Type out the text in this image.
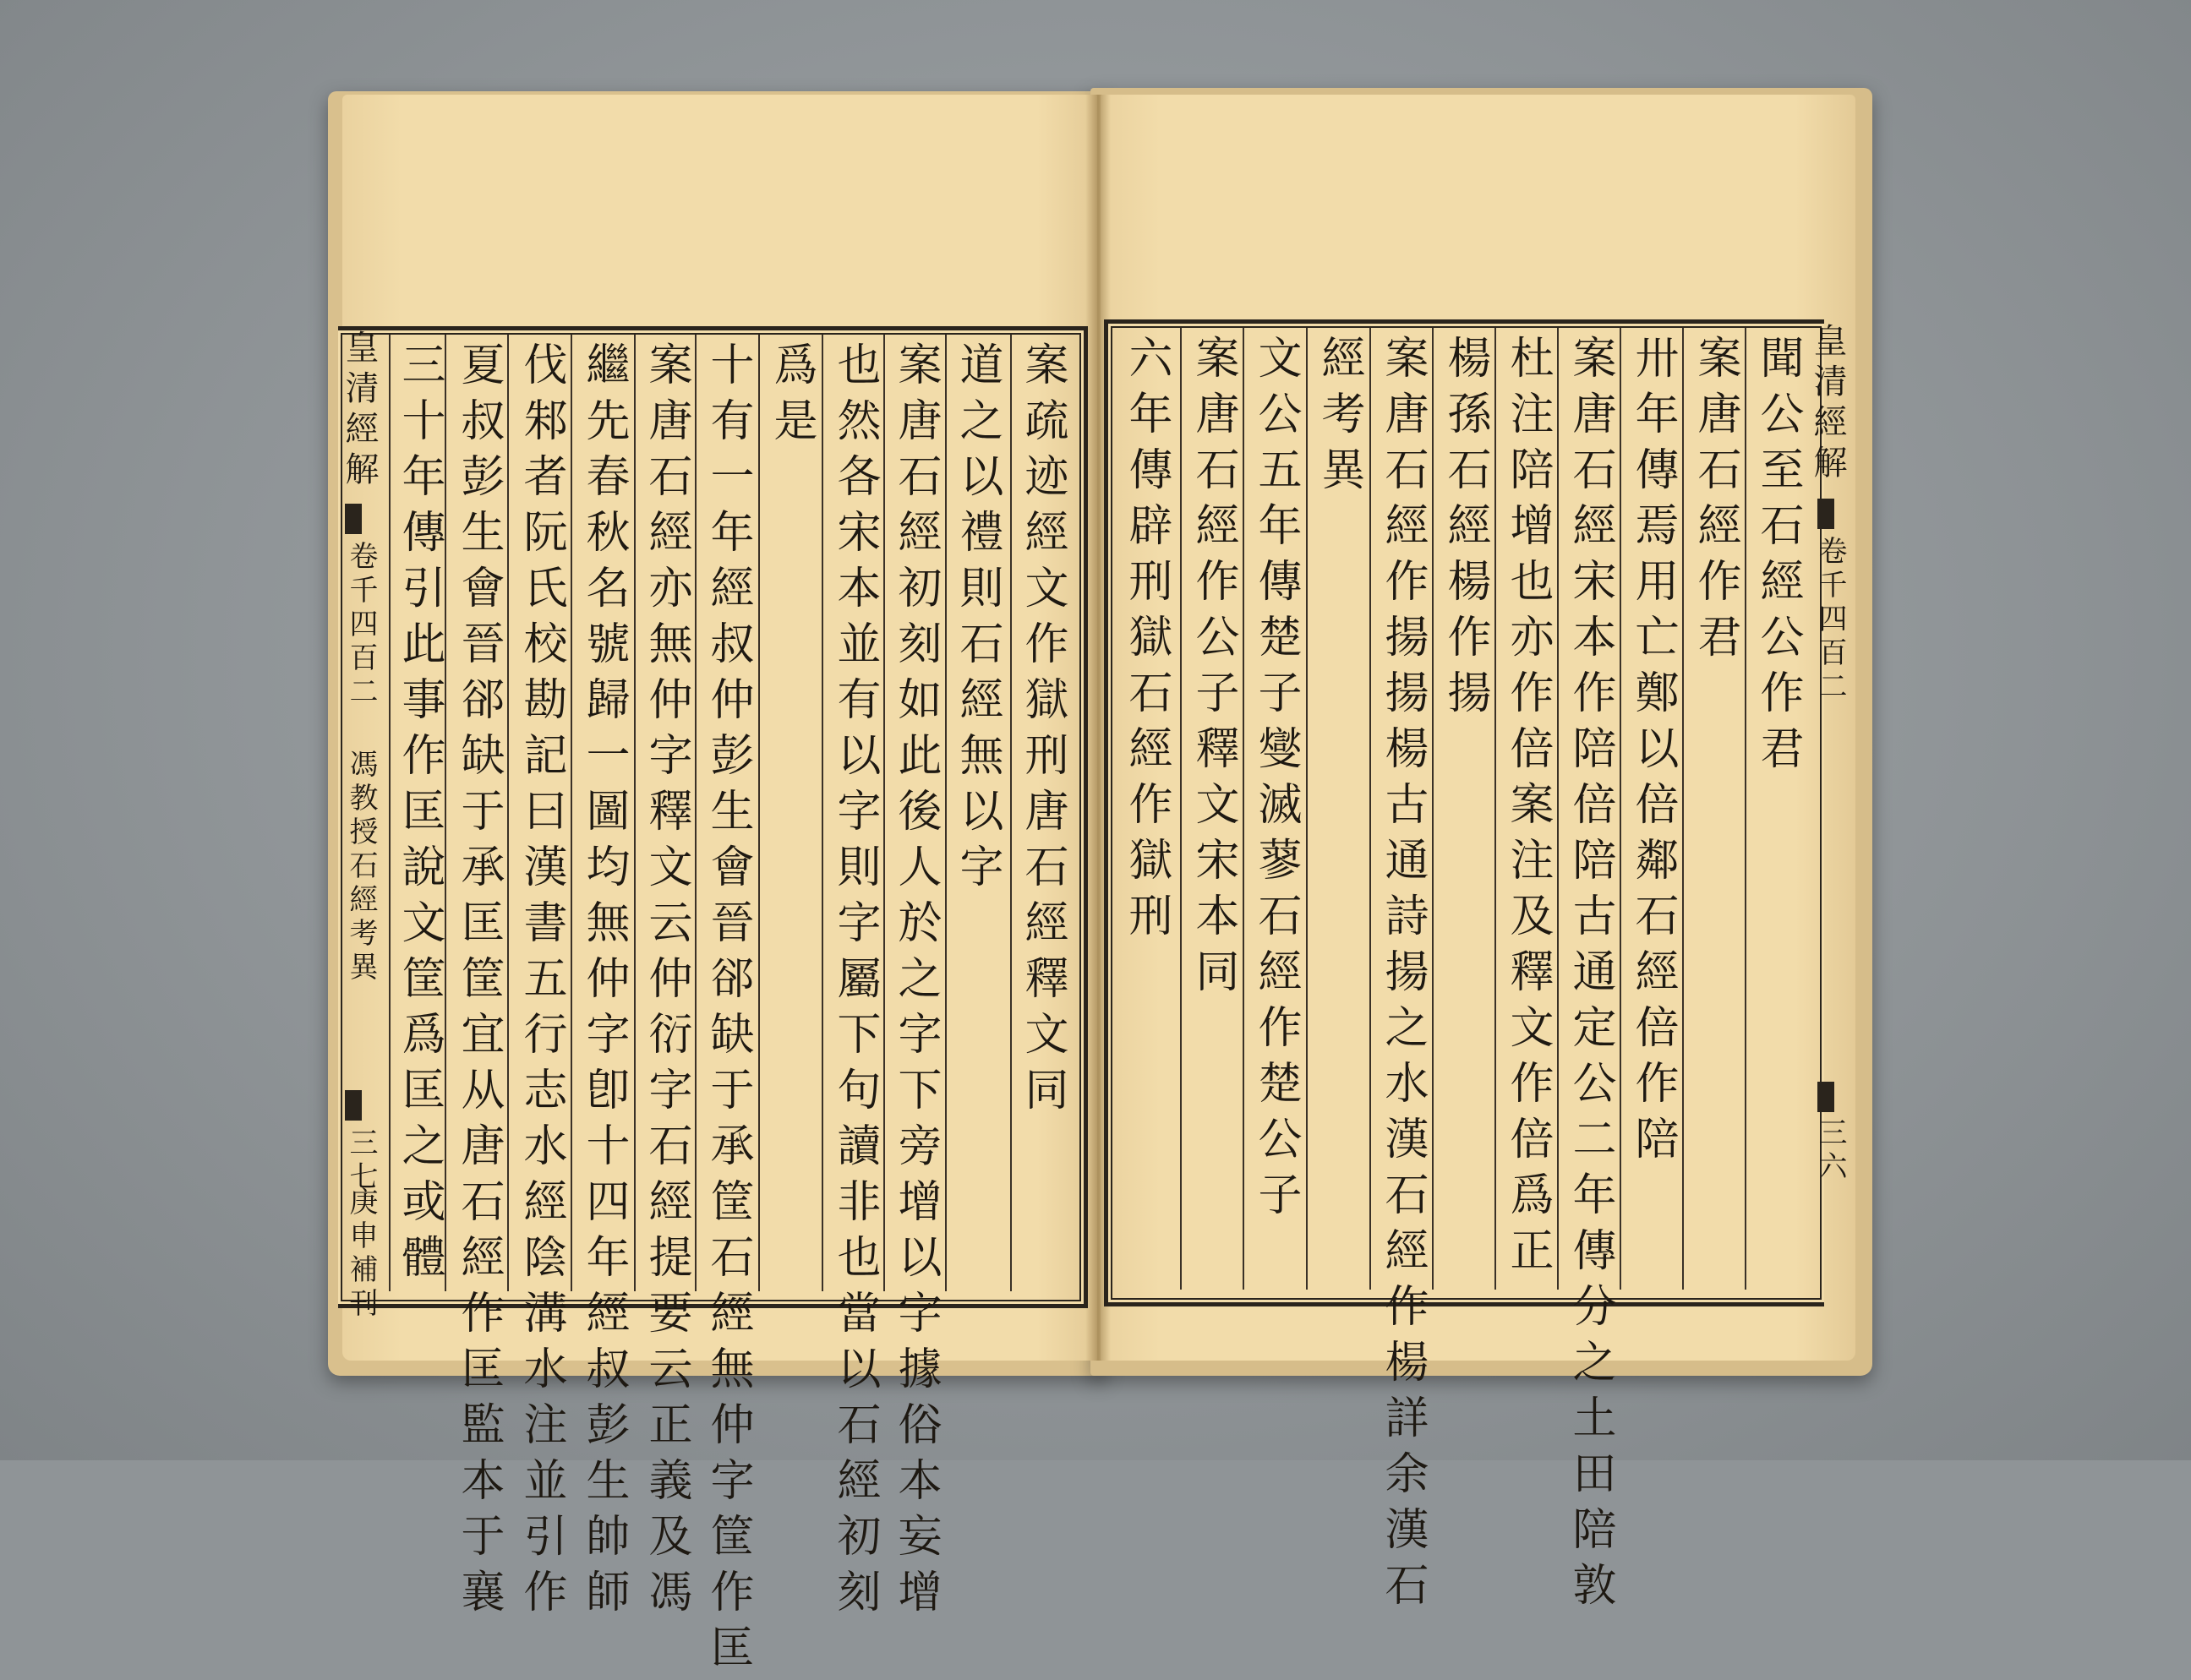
皇清經解
卷千四百二 馮教授石經考異
三七
庚申補刊
案疏迹經文作獄刑唐石經釋文同
道之以禮則石經無以字
案唐石經初刻如此後人於之字下旁增以字據俗本妄增
也然各宋本並有以字則字屬下句讀非也當以石經初刻
爲是
十有一年經叔仲彭生會晉郤缺于承筐石經無仲字筐作匡
案唐石經亦無仲字釋文云仲衍字石經提要云正義及馮
繼先春秋名號歸一圖均無仲字卽十四年經叔彭生帥師
伐邾者阮氏校勘記曰漢書五行志水經陰溝水注並引作
夏叔彭生會晉郤缺于承匡筐宜从唐石經作匡監本于襄
三十年傳引此事作匡說文筐爲匡之或體	聞公至石經公作君
案唐石經作君
卅年傳焉用亡鄭以倍鄰石經倍作陪
案唐石經宋本作陪倍陪古通定公二年傳分之土田陪敦
杜注陪增也亦作倍案注及釋文作倍爲正
楊孫石經楊作揚
案唐石經作揚揚楊古通詩揚之水漢石經作楊詳余漢石
經考異
文公五年傳楚子燮滅蓼石經作楚公子
案唐石經作公子釋文宋本同
六年傳辟刑獄石經作獄刑	皇清經解
卷千四百二
三六
